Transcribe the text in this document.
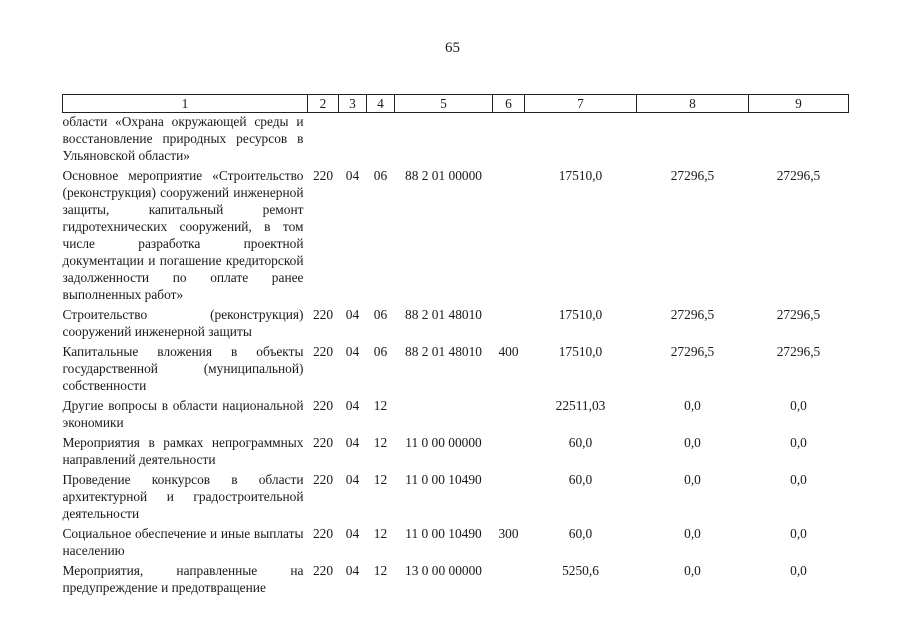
65
1	2	3	4	5	6	7	8	9
области «Охрана окружающей среды и восстановление природных ресурсов в Ульяновской области»								
Основное мероприятие «Строительство (реконструкция) сооружений инженерной защиты, капитальный ремонт гидротехнических сооружений, в том числе разработка проектной документации и погашение кредиторской задолженности по оплате ранее выполненных работ»	220	04	06	88 2 01 00000		17510,0	27296,5	27296,5
Строительство (реконструкция) сооружений инженерной защиты	220	04	06	88 2 01 48010		17510,0	27296,5	27296,5
Капитальные вложения в объекты государственной (муниципальной) собственности	220	04	06	88 2 01 48010	400	17510,0	27296,5	27296,5
Другие вопросы в области национальной экономики	220	04	12			22511,03	0,0	0,0
Мероприятия в рамках непрограммных направлений деятельности	220	04	12	11 0 00 00000		60,0	0,0	0,0
Проведение конкурсов в области архитектурной и градостроительной деятельности	220	04	12	11 0 00 10490		60,0	0,0	0,0
Социальное обеспечение и иные выплаты населению	220	04	12	11 0 00 10490	300	60,0	0,0	0,0
Мероприятия, направленные на предупреждение и предотвращение	220	04	12	13 0 00 00000		5250,6	0,0	0,0
